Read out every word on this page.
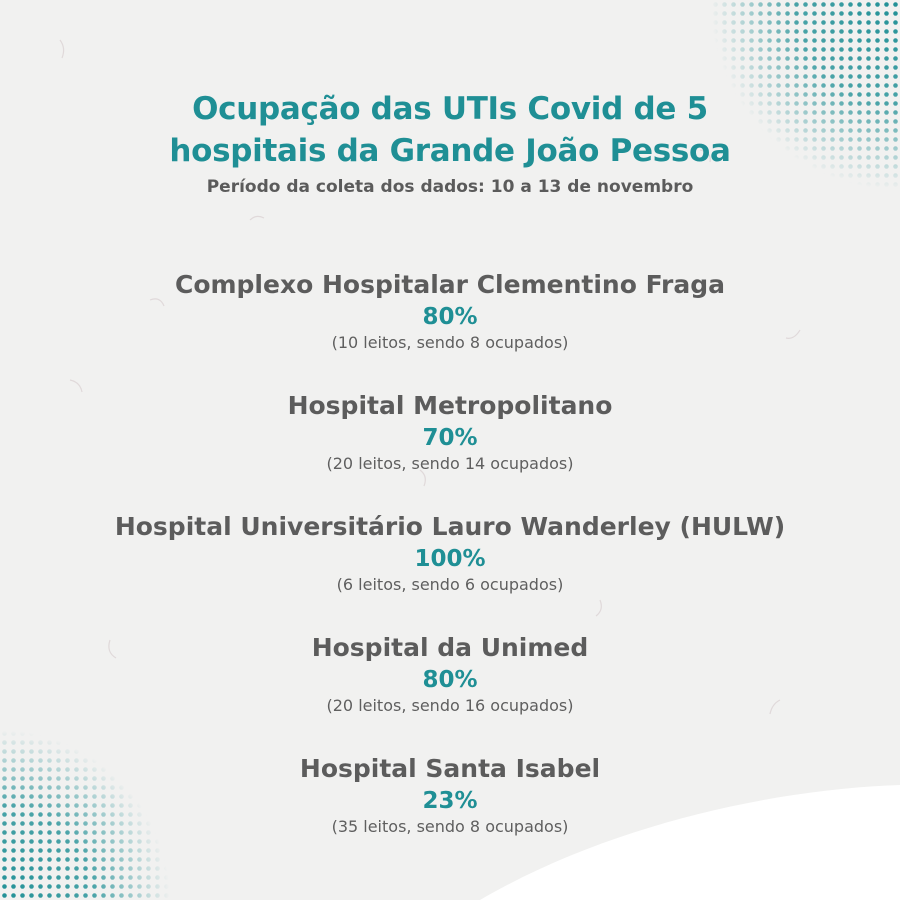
Ocupação das UTIs Covid de 5
hospitais da Grande João Pessoa
Período da coleta dos dados: 10 a 13 de novembro
Complexo Hospitalar Clementino Fraga
80%
(10 leitos, sendo 8 ocupados)
Hospital Metropolitano
70%
(20 leitos, sendo 14 ocupados)
Hospital Universitário Lauro Wanderley (HULW)
100%
(6 leitos, sendo 6 ocupados)
Hospital da Unimed
80%
(20 leitos, sendo 16 ocupados)
Hospital Santa Isabel
23%
(35 leitos, sendo 8 ocupados)
